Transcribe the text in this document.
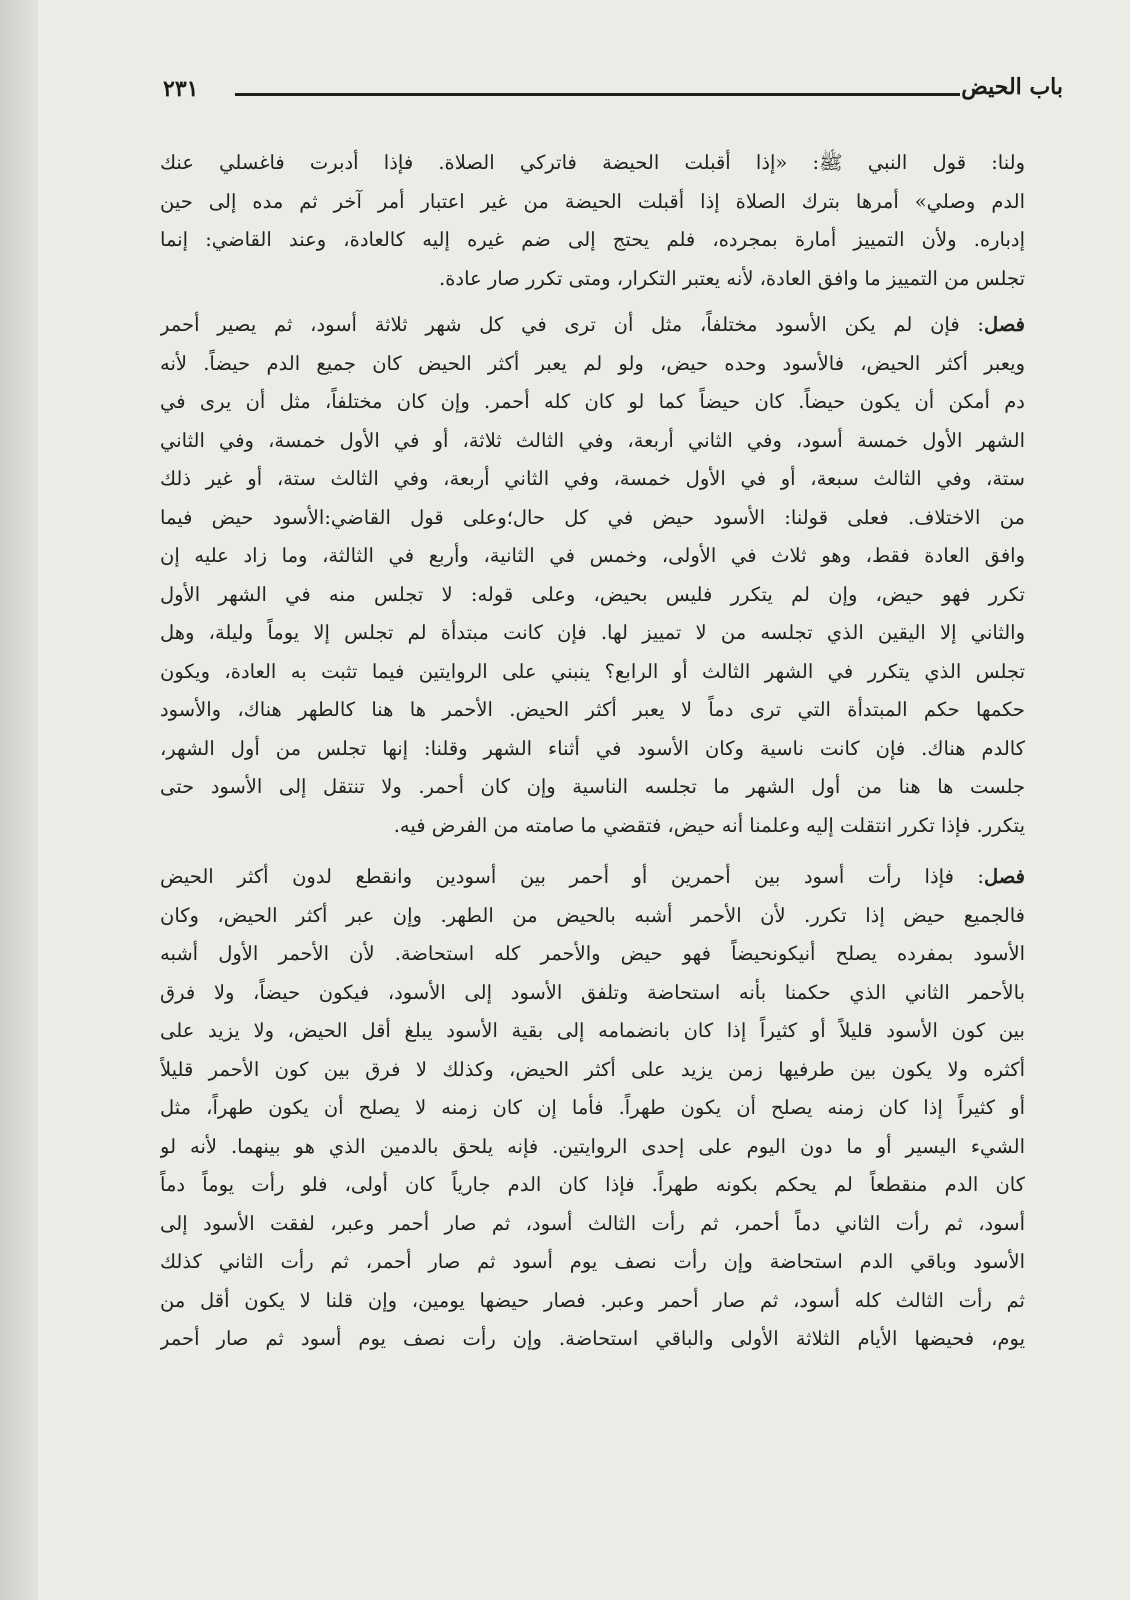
٢٣١	باب الحيض
ولنا: قول النبي ﷺ: «إذا أقبلت الحيضة فاتركي الصلاة. فإذا أدبرت فاغسلي عنك
الدم وصلي» أمرها بترك الصلاة إذا أقبلت الحيضة من غير اعتبار أمر آخر ثم مده إلى حين
إدباره. ولأن التمييز أمارة بمجرده، فلم يحتج إلى ضم غيره إليه كالعادة، وعند القاضي: إنما
تجلس من التمييز ما وافق العادة، لأنه يعتبر التكرار، ومتى تكرر صار عادة.
فصل: فإن لم يكن الأسود مختلفاً، مثل أن ترى في كل شهر ثلاثة أسود، ثم يصير أحمر
ويعبر أكثر الحيض، فالأسود وحده حيض، ولو لم يعبر أكثر الحيض كان جميع الدم حيضاً. لأنه
دم أمكن أن يكون حيضاً. كان حيضاً كما لو كان كله أحمر. وإن كان مختلفاً، مثل أن يرى في
الشهر الأول خمسة أسود، وفي الثاني أربعة، وفي الثالث ثلاثة، أو في الأول خمسة، وفي الثاني
ستة، وفي الثالث سبعة، أو في الأول خمسة، وفي الثاني أربعة، وفي الثالث ستة، أو غير ذلك
من الاختلاف. فعلى قولنا: الأسود حيض في كل حال؛وعلى قول القاضي:الأسود حيض فيما
وافق العادة فقط، وهو ثلاث في الأولى، وخمس في الثانية، وأربع في الثالثة، وما زاد عليه إن
تكرر فهو حيض، وإن لم يتكرر فليس بحيض، وعلى قوله: لا تجلس منه في الشهر الأول
والثاني إلا اليقين الذي تجلسه من لا تمييز لها. فإن كانت مبتدأة لم تجلس إلا يوماً وليلة، وهل
تجلس الذي يتكرر في الشهر الثالث أو الرابع؟ ينبني على الروايتين فيما تثبت به العادة، ويكون
حكمها حكم المبتدأة التي ترى دماً لا يعبر أكثر الحيض. الأحمر ها هنا كالطهر هناك، والأسود
كالدم هناك. فإن كانت ناسية وكان الأسود في أثناء الشهر وقلنا: إنها تجلس من أول الشهر،
جلست ها هنا من أول الشهر ما تجلسه الناسية وإن كان أحمر. ولا تنتقل إلى الأسود حتى
يتكرر. فإذا تكرر انتقلت إليه وعلمنا أنه حيض، فتقضي ما صامته من الفرض فيه.
فصل: فإذا رأت أسود بين أحمرين أو أحمر بين أسودين وانقطع لدون أكثر الحيض
فالجميع حيض إذا تكرر. لأن الأحمر أشبه بالحيض من الطهر. وإن عبر أكثر الحيض، وكان
الأسود بمفرده يصلح أنيكونحيضاً فهو حيض والأحمر كله استحاضة. لأن الأحمر الأول أشبه
بالأحمر الثاني الذي حكمنا بأنه استحاضة وتلفق الأسود إلى الأسود، فيكون حيضاً، ولا فرق
بين كون الأسود قليلاً أو كثيراً إذا كان بانضمامه إلى بقية الأسود يبلغ أقل الحيض، ولا يزيد على
أكثره ولا يكون بين طرفيها زمن يزيد على أكثر الحيض، وكذلك لا فرق بين كون الأحمر قليلاً
أو كثيراً إذا كان زمنه يصلح أن يكون طهراً. فأما إن كان زمنه لا يصلح أن يكون طهراً، مثل
الشيء اليسير أو ما دون اليوم على إحدى الروايتين. فإنه يلحق بالدمين الذي هو بينهما. لأنه لو
كان الدم منقطعاً لم يحكم بكونه طهراً. فإذا كان الدم جارياً كان أولى، فلو رأت يوماً دماً
أسود، ثم رأت الثاني دماً أحمر، ثم رأت الثالث أسود، ثم صار أحمر وعبر، لفقت الأسود إلى
الأسود وباقي الدم استحاضة وإن رأت نصف يوم أسود ثم صار أحمر، ثم رأت الثاني كذلك
ثم رأت الثالث كله أسود، ثم صار أحمر وعبر. فصار حيضها يومين، وإن قلنا لا يكون أقل من
يوم، فحيضها الأيام الثلاثة الأولى والباقي استحاضة. وإن رأت نصف يوم أسود ثم صار أحمر
